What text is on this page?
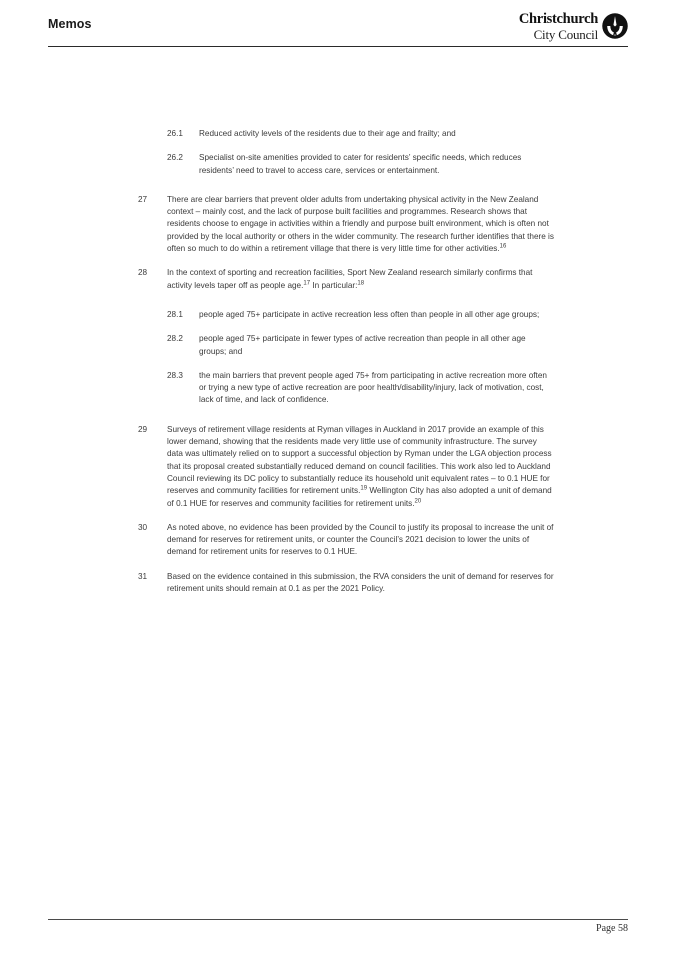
Memos	Christchurch
City Council
26.1	Reduced activity levels of the residents due to their age and frailty; and
26.2	Specialist on-site amenities provided to cater for residents’ specific needs, which reduces residents’ need to travel to access care, services or entertainment.
27	There are clear barriers that prevent older adults from undertaking physical activity in the New Zealand context – mainly cost, and the lack of purpose built facilities and programmes. Research shows that residents choose to engage in activities within a friendly and purpose built environment, which is often not provided by the local authority or others in the wider community. The research further identifies that there is often so much to do within a retirement village that there is very little time for other activities.$^{16}$
28	In the context of sporting and recreation facilities, Sport New Zealand research similarly confirms that activity levels taper off as people age.$^{17}$ In particular:$^{18}$
28.1	people aged 75+ participate in active recreation less often than people in all other age groups;
28.2	people aged 75+ participate in fewer types of active recreation than people in all other age groups; and
28.3	the main barriers that prevent people aged 75+ from participating in active recreation more often or trying a new type of active recreation are poor health/disability/injury, lack of motivation, cost, lack of time, and lack of confidence.
29	Surveys of retirement village residents at Ryman villages in Auckland in 2017 provide an example of this lower demand, showing that the residents made very little use of community infrastructure. The survey data was ultimately relied on to support a successful objection by Ryman under the LGA objection process that its proposal created substantially reduced demand on council facilities. This work also led to Auckland Council reviewing its DC policy to substantially reduce its household unit equivalent rates – to 0.1 HUE for reserves and community facilities for retirement units.$^{19}$ Wellington City has also adopted a unit of demand of 0.1 HUE for reserves and community facilities for retirement units.$^{20}$
30	As noted above, no evidence has been provided by the Council to justify its proposal to increase the unit of demand for reserves for retirement units, or counter the Council’s 2021 decision to lower the units of demand for retirement units for reserves to 0.1 HUE.
31	Based on the evidence contained in this submission, the RVA considers the unit of demand for reserves for retirement units should remain at 0.1 as per the 2021 Policy.
Page 58
